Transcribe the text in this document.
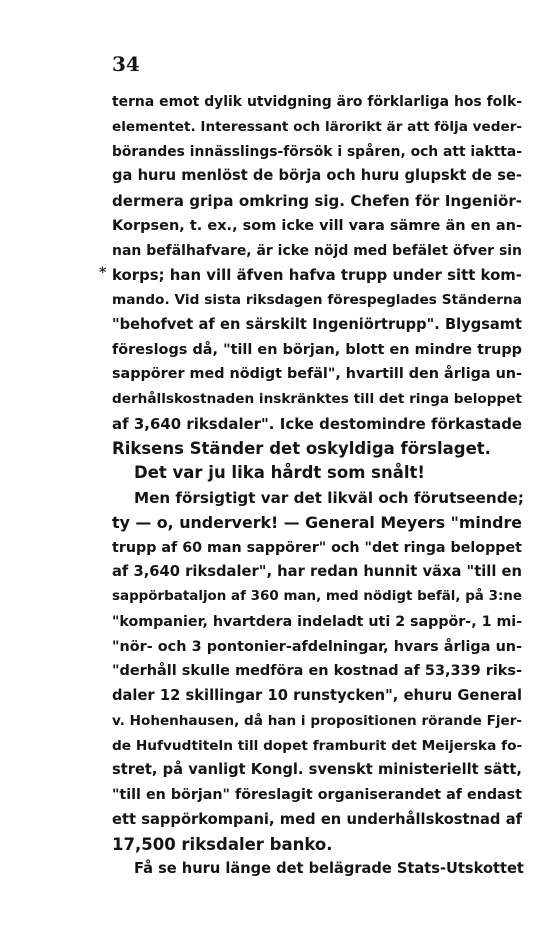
34
*
terna emot dylik utvidgning äro förklarliga hos folk-
elementet. Interessant och lärorikt är att följa veder-
börandes innässlings-försök i spåren, och att iakttа-
ga huru menlöst de börja och huru glupskt de se-
dermera gripa omkring sig. Chefen för Ingeniör-
Korpsen, t. ex., som icke vill vara sämre än en an-
nan befälhafvare, är icke nöjd med befälet öfver sin
korps; han vill äfven hafva trupp under sitt kom-
mando. Vid sista riksdagen förespeglades Ständerna
"behofvet af en särskilt Ingeniörtrupp". Blygsamt
föreslogs då, "till en början, blott en mindre trupp
sappörer med nödigt befäl", hvartill den årliga un-
derhållskostnaden inskränktes till det ringa beloppet
af 3,640 riksdaler". Icke destomindre förkastade
Riksens Ständer det oskyldiga förslaget.
Det var ju lika hårdt som snålt!
Men försigtigt var det likväl och förutseende;
ty — o, underverk! — General Meyers "mindre
trupp af 60 man sappörer" och "det ringa beloppet
af 3,640 riksdaler", har redan hunnit växa "till en
sappörbataljon af 360 man, med nödigt befäl, på 3:ne
"kompanier, hvartdera indeladt uti 2 sappör-, 1 mi-
"nör- och 3 pontonier-afdelningar, hvars årliga un-
"derhåll skulle medföra en kostnad af 53,339 riks-
daler 12 skillingar 10 runstycken", ehuru General
v. Hohenhausen, då han i propositionen rörande Fjer-
de Hufvudtiteln till dopet framburit det Meijerska fo-
stret, på vanligt Kongl. svenskt ministeriellt sätt,
"till en början" föreslagit organiserandet af endast
ett sappörkompani, med en underhållskostnad af
17,500 riksdaler banko.
Få se huru länge det belägrade Stats-Utskottet
